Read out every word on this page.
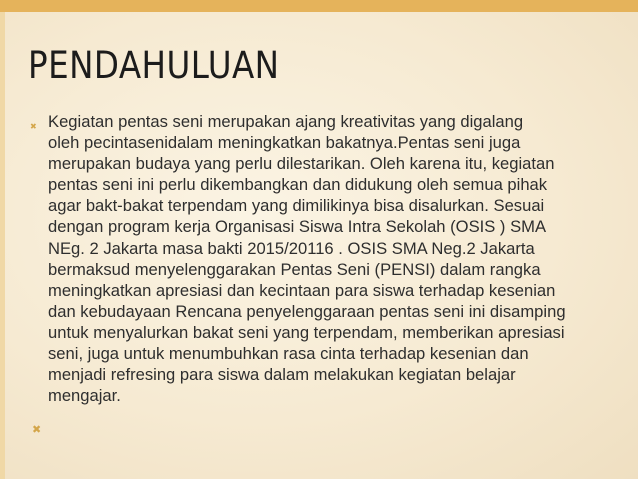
PENDAHULUAN
✖ Kegiatan pentas seni merupakan ajang kreativitas yang digalang
oleh pecintasenidalam meningkatkan bakatnya.Pentas seni juga
merupakan budaya yang perlu dilestarikan. Oleh karena itu, kegiatan
pentas seni ini perlu dikembangkan dan didukung oleh semua pihak
agar bakt-bakat terpendam yang dimilikinya bisa disalurkan. Sesuai
dengan program kerja Organisasi Siswa Intra Sekolah (OSIS ) SMA
NEg. 2 Jakarta masa bakti 2015/20116 . OSIS SMA Neg.2 Jakarta
bermaksud menyelenggarakan Pentas Seni (PENSI) dalam rangka
meningkatkan apresiasi dan kecintaan para siswa terhadap kesenian
dan kebudayaan Rencana penyelenggaraan pentas seni ini disamping
untuk menyalurkan bakat seni yang terpendam, memberikan apresiasi
seni, juga untuk menumbuhkan rasa cinta terhadap kesenian dan
menjadi refresing para siswa dalam melakukan kegiatan belajar
mengajar.

✖
